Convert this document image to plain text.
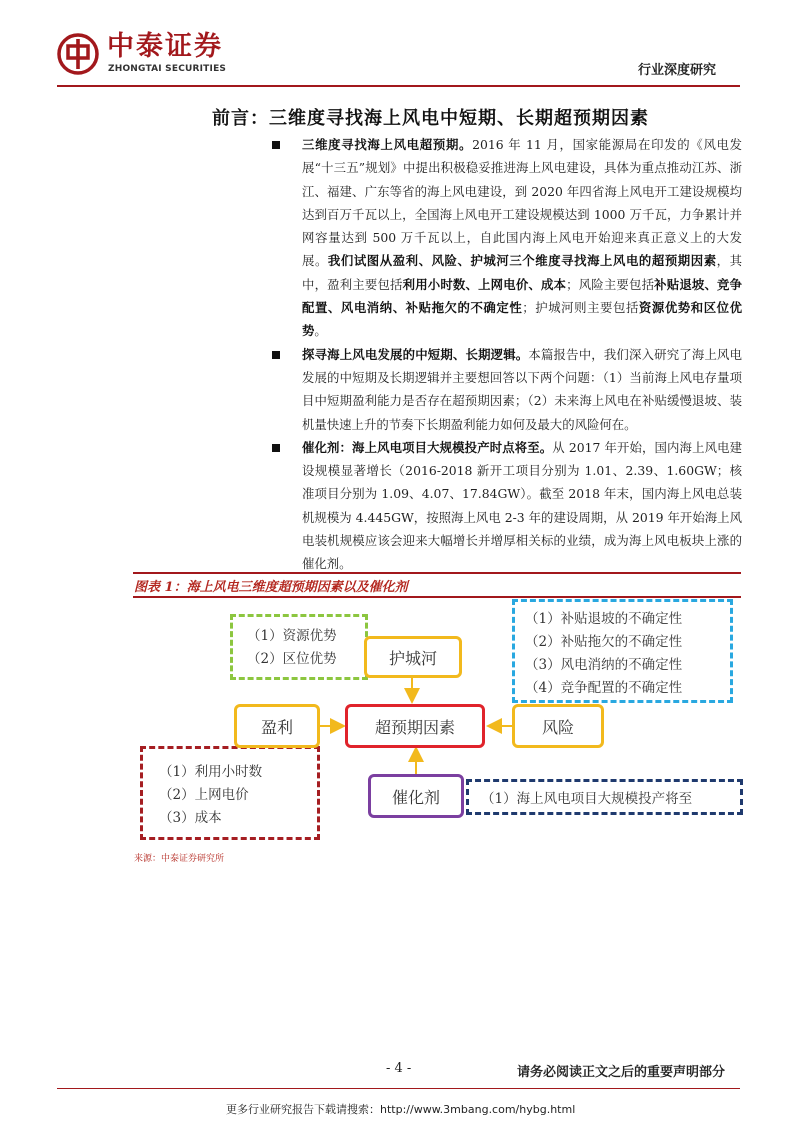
中泰证券
ZHONGTAI SECURITIES	行业深度研究
前言：三维度寻找海上风电中短期、长期超预期因素
三维度寻找海上风电超预期。2016 年 11 月，国家能源局在印发的《风电发展“十三五”规划》中提出积极稳妥推进海上风电建设，具体为重点推动江苏、浙江、福建、广东等省的海上风电建设，到 2020 年四省海上风电开工建设规模均达到百万千瓦以上，全国海上风电开工建设规模达到 1000 万千瓦，力争累计并网容量达到 500 万千瓦以上，自此国内海上风电开始迎来真正意义上的大发展。我们试图从盈利、风险、护城河三个维度寻找海上风电的超预期因素，其中，盈利主要包括利用小时数、上网电价、成本；风险主要包括补贴退坡、竞争配置、风电消纳、补贴拖欠的不确定性；护城河则主要包括资源优势和区位优势。
探寻海上风电发展的中短期、长期逻辑。本篇报告中，我们深入研究了海上风电发展的中短期及长期逻辑并主要想回答以下两个问题：（1）当前海上风电存量项目中短期盈利能力是否存在超预期因素；（2）未来海上风电在补贴缓慢退坡、装机量快速上升的节奏下长期盈利能力如何及最大的风险何在。
催化剂：海上风电项目大规模投产时点将至。从 2017 年开始，国内海上风电建设规模显著增长（2016-2018 新开工项目分别为 1.01、2.39、1.60GW；核准项目分别为 1.09、4.07、17.84GW）。截至 2018 年末，国内海上风电总装机规模为 4.445GW，按照海上风电 2-3 年的建设周期，从 2019 年开始海上风电装机规模应该会迎来大幅增长并增厚相关标的业绩，成为海上风电板块上涨的催化剂。
图表 1：海上风电三维度超预期因素以及催化剂
（1）资源优势
（2）区位优势
（1）补贴退坡的不确定性
（2）补贴拖欠的不确定性
（3）风电消纳的不确定性
（4）竞争配置的不确定性
（1）利用小时数
（2）上网电价
（3）成本
（1）海上风电项目大规模投产将至
护城河
盈利	超预期因素	风险
催化剂
来源：中泰证券研究所
- 4 -	请务必阅读正文之后的重要声明部分
更多行业研究报告下载请搜索：http://www.3mbang.com/hybg.html
